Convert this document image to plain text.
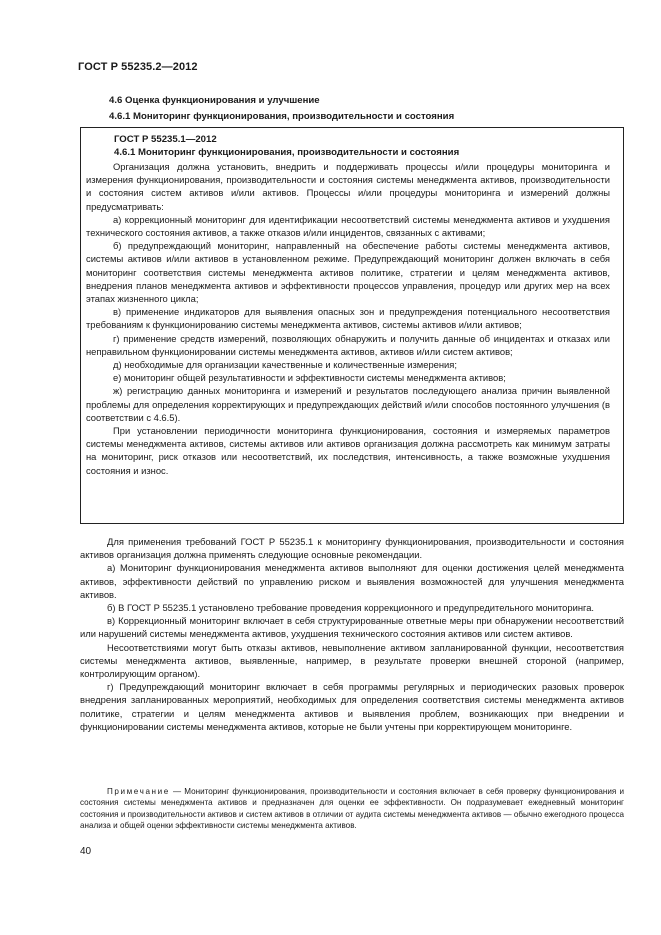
ГОСТ Р 55235.2—2012
4.6 Оценка функционирования и улучшение
4.6.1 Мониторинг функционирования, производительности и состояния
ГОСТ Р 55235.1—2012
4.6.1 Мониторинг функционирования, производительности и состояния

Организация должна установить, внедрить и поддерживать процессы и/или процедуры мониторинга и измерения функционирования, производительности и состояния системы менеджмента активов, производительности и состояния систем активов и/или активов. Процессы и/или процедуры мониторинга и измерений должны предусматривать:

а) коррекционный мониторинг для идентификации несоответствий системы менеджмента активов и ухудшения технического состояния активов, а также отказов и/или инцидентов, связанных с активами;

б) предупреждающий мониторинг, направленный на обеспечение работы системы менеджмента активов, системы активов и/или активов в установленном режиме. Предупреждающий мониторинг должен включать в себя мониторинг соответствия системы менеджмента активов политике, стратегии и целям менеджмента активов, внедрения планов менеджмента активов и эффективности процессов управления, процедур или других мер на всех этапах жизненного цикла;

в) применение индикаторов для выявления опасных зон и предупреждения потенциального несоответствия требованиям к функционированию системы менеджмента активов, системы активов и/или активов;

г) применение средств измерений, позволяющих обнаружить и получить данные об инцидентах и отказах или неправильном функционировании системы менеджмента активов, активов и/или систем активов;

д) необходимые для организации качественные и количественные измерения;

е) мониторинг общей результативности и эффективности системы менеджмента активов;

ж) регистрацию данных мониторинга и измерений и результатов последующего анализа причин выявленной проблемы для определения корректирующих и предупреждающих действий и/или способов постоянного улучшения (в соответствии с 4.6.5).

При установлении периодичности мониторинга функционирования, состояния и измеряемых параметров системы менеджмента активов, системы активов или активов организация должна рассмотреть как минимум затраты на мониторинг, риск отказов или несоответствий, их последствия, интенсивность, а также возможные ухудшения состояния и износ.

Для применения требований ГОСТ Р 55235.1 к мониторингу функционирования, производительности и состояния активов организация должна применять следующие основные рекомендации.

а) Мониторинг функционирования менеджмента активов выполняют для оценки достижения целей менеджмента активов, эффективности действий по управлению риском и выявления возможностей для улучшения менеджмента активов.

б) В ГОСТ Р 55235.1 установлено требование проведения коррекционного и предупредительного мониторинга.

в) Коррекционный мониторинг включает в себя структурированные ответные меры при обнаружении несоответствий или нарушений системы менеджмента активов, ухудшения технического состояния активов или систем активов.

Несоответствиями могут быть отказы активов, невыполнение активом запланированной функции, несоответствия системы менеджмента активов, выявленные, например, в результате проверки внешней стороной (например, контролирующим органом).

г) Предупреждающий мониторинг включает в себя программы регулярных и периодических разовых проверок внедрения запланированных мероприятий, необходимых для определения соответствия системы менеджмента активов политике, стратегии и целям менеджмента активов и выявления проблем, возникающих при внедрении и функционировании системы менеджмента активов, которые не были учтены при корректирующем мониторинге.

Примечание — Мониторинг функционирования, производительности и состояния включает в себя проверку функционирования и состояния системы менеджмента активов и предназначен для оценки ее эффективности. Он подразумевает ежедневный мониторинг состояния и производительности активов и систем активов в отличии от аудита системы менеджмента активов — обычно ежегодного процесса анализа и общей оценки эффективности системы менеджмента активов.

40
